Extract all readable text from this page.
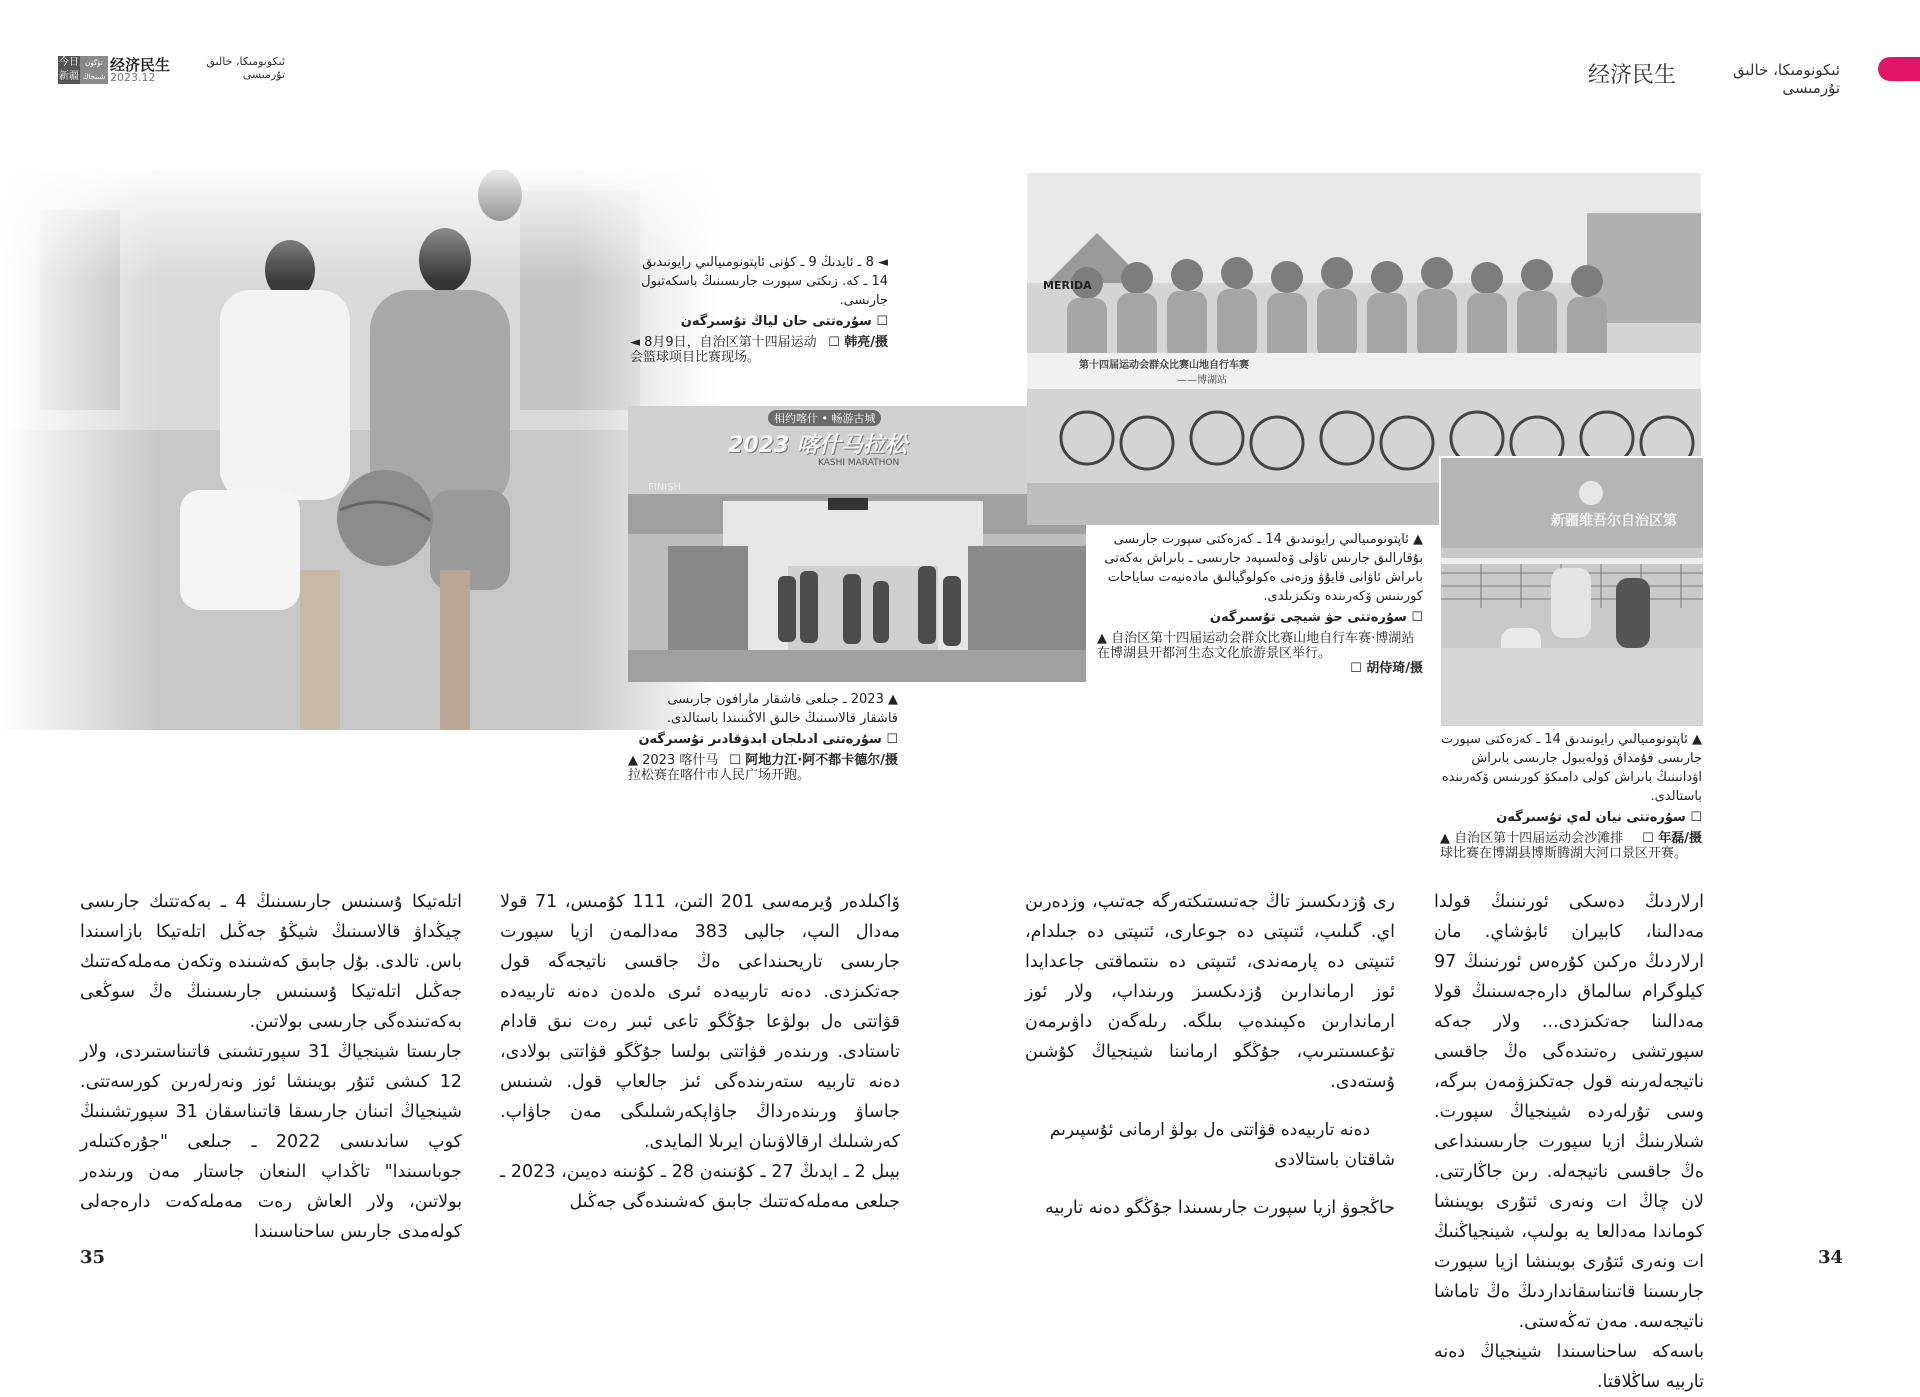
今日 تۈگۈن
新疆 شىنجاڭ
经济民生
2023.12
ئىكونومىكا، خالىق تۇرمىسى	经济民生	ئىكونومىكا، خالىق تۇرمىسى
◄ 8 ـ ئايدىڭ 9 ـ كۈنى ئاپتونومىيالىي رايونىدىق 14 ـ كە. زىكتى سپورت جارىسىنىڭ باسكەتبول جارىسى.
☐ سۇرەتتى حان لياڭ تۇسىرگەن
☐ 韩亮/摄
◄ 8月9日，自治区第十四届运动会篮球项目比赛现场。
相约喀什 • 畅游古城
2023 喀什马拉松
KASHI MARATHON
FINISH
▲ 2023 ـ جىلعى قاشقار مارافون جارىسى قاشقار قالاسىنىڭ خالىق الاڭىنىندا باستالدى.
☐ سۇرەتتى ادىلجان ابدۋقادىر تۇسىرگەن
☐ 阿地力江·阿不都卡德尔/摄
▲ 2023 喀什马拉松赛在喀什市人民广场开跑。
MERIDA
第十四届运动会群众比赛山地自行车赛
——博湖站
▲ ئاپتونومىيالىي رايونىدىق 14 ـ كەزەكتى سپورت جارىسى بۇقارالىق جارىس تاۋلى ۆەلسىپەد جارىسى ـ باىراش بەكەتى باىراش ئاۋانى قايۇۋ وزەنى ەكولوگيالىق مادەنيەت ساياحات كورىنىس ۆكەرىندە وتكىزىلدى.
☐ سۇرەتتى حۋ شيچى تۇسىرگەن
▲ 自治区第十四届运动会群众比赛山地自行车赛·博湖站在博湖县开都河生态文化旅游景区举行。
☐ 胡侍琦/摄
新疆维吾尔自治区第
▲ ئاپتونومىيالىي رايونىدىق 14 ـ كەزەكتى سپورت جارىسى قۇمداق ۆولەيبول جارىسى باىراش اۋدانىنىڭ باىراش كولى دامىكۆ كورىنىس ۆكەرىندە باستالدى.
☐ سۇرەتتى نيان لەي تۇسىرگەن
☐ 年磊/摄
▲ 自治区第十四届运动会沙滩排球比赛在博湖县博斯腾湖大河口景区开赛。

ارلاردىڭ دەسكى ئورنىنىڭ قولدا مەدالىنا، كابيران ئابۋشاي. مان ارلاردىڭ ەركىن كۇرەس ئورنىنىڭ 97 كيلوگرام سالماق دارەجەسىنىڭ قولا مەدالىنا جەتكىزدى... ولار جەكە سپورتشى رەتىندەگى ەڭ جاقسى ناتيجەلەرىنە قول جەتكىزۋمەن بىرگە، وسى تۇرلەردە شينجياڭ سپورت. شىلارىنىڭ ازيا سپورت جارىسىنداعى ەڭ جاقسى ناتيجەلە. رىن جاڭارتتى. لان چاڭ ات ونەرى ئتۇرى بويىنشا كوماندا مەدالعا يە بولىپ، شينجياڭنىڭ ات ونەرى ئتۇرى بويىنشا ازيا سپورت جارىسىنا قاتىناسقانداردىڭ ەڭ تاماشا ناتيجەسە. مەن تەڭەستى.

باسەكە ساحناسىندا شينجياڭ دەنە تاربيە ساڭلاقتا.

رى ۇزدىكسىز تاڭ جەتىستىكتەرگە جەتىپ، وزدەرىن اي. گىلىپ، ئتىپتى دە جوعارى، ئتىپتى دە جىلدام، ئتىپتى دە پارمەندى، ئتىپتى دە ىنتىماقتى جاعدايدا ئوز ارماندارىن ۇزدىكسىز ورىنداپ، ولار ئوز ارماندارىن ەكپىندەپ بىلگە. رىلەگەن داۋىرمەن تۇعىسىتىرىپ، جۇڭگو ارمانىنا شينجياڭ كۇشىن ۇستەدى.

دەنە تاربيەدە قۋاتتى ەل بولۋ ارمانى ئۇسپىرىم شاقتان باستالادى

حاڭجوۋ ازيا سپورت جارىسىندا جۇڭگو دەنە تاربيە

ۆاكىلدەر ۇيرمەسى 201 التىن، 111 كۇمىس، 71 قولا مەدال الىپ، جالپى 383 مەدالمەن ازيا سپورت جارىسى تاريحىنداعى ەڭ جاقسى ناتيجەگە قول جەتكىزدى. دەنە تاربيەدە ئىرى ەلدەن دەنە تاربيەدە قۋاتتى ەل بولۋعا جۇڭگو تاعى ئبىر رەت نىق قادام تاستادى. ورىندەر قۋاتتى بولسا جۇڭگو قۋاتتى بولادى، دەنە تاربيە ستەرىندەگى ئىز جالعاپ قول. شىنىس جاساۋ ورىندەرداڭ جاۋاپكەرشىلىگى مەن جاۋاپ. كەرشىلىك ارقالاۋىنان ايرىلا المايدى.

بيىل 2 ـ ايدىڭ 27 ـ كۇنىنەن 28 ـ كۇنىنە دەيىن، 2023 ـ جىلعى مەملەكەتتىك جابىق كەشىندەگى جەڭىل

اتلەتيكا ۇسىنىس جارىسىنىڭ 4 ـ بەكەتتىك جارىسى چيڭداۋ قالاسىنىڭ شيڭۇ جەڭىل اتلەتيكا بازاسىندا باس. تالدى. بۇل جابىق كەشىندە وتكەن مەملەكەتتىك جەڭىل اتلەتيكا ۇسىنىس جارىسىنىڭ ەڭ سوڭعى بەكەتىندەگى جارىسى بولاتىن.

جارىستا شينجياڭ 31 سپورتشىنى قاتىناستىردى، ولار 12 كىشى ئتۇر بويىنشا ئوز ونەرلەرىن كورسەتتى. شينجياڭ اتىنان جارىسقا قاتىناسقان 31 سپورتشىنىڭ كوپ ساندىسى 2022 ـ جىلعى "جۇرەكتىلەر جوباسىندا" تاڭداپ الىنعان جاستار مەن ورىندەر بولاتىن، ولار العاش رەت مەملەكەت دارەجەلى كولەمدى جارىس ساحناسىندا

35	34
